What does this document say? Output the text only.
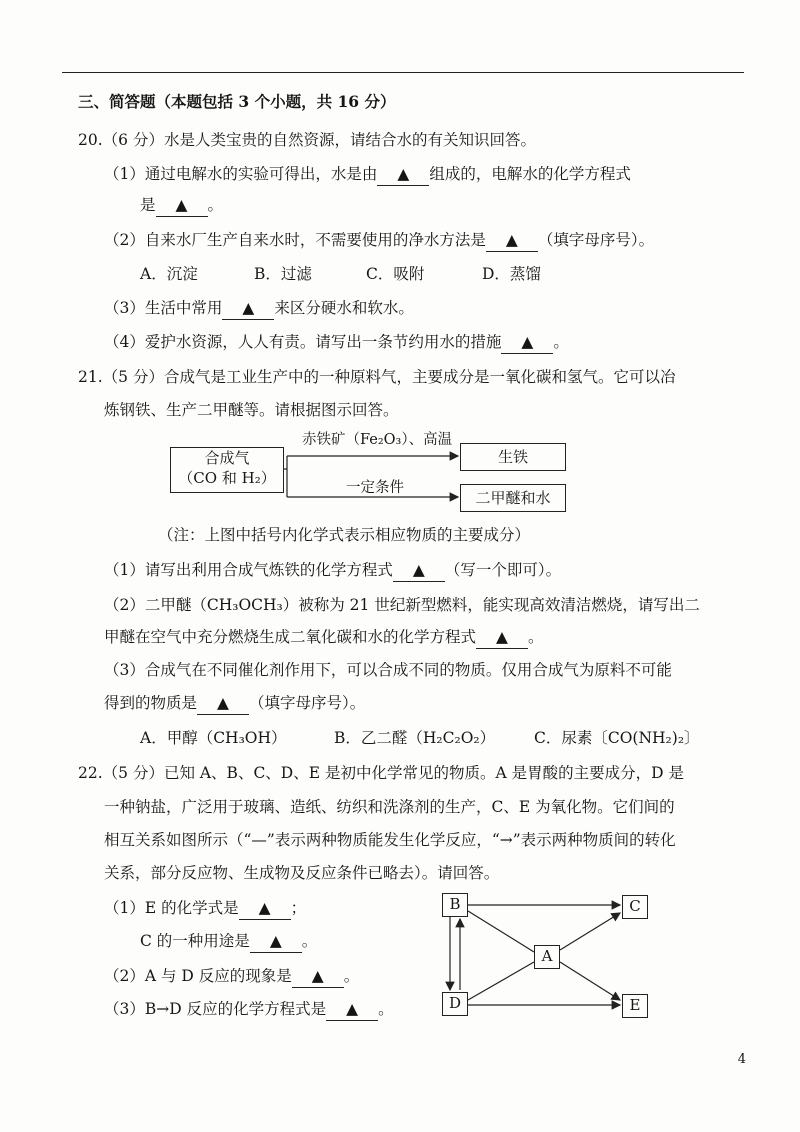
三、简答题（本题包括 3 个小题，共 16 分）
20.（6 分）水是人类宝贵的自然资源，请结合水的有关知识回答。
（1）通过电解水的实验可得出，水是由 ▲ 组成的，电解水的化学方程式
是 ▲ 。
（2）自来水厂生产自来水时，不需要使用的净水方法是 ▲ （填字母序号）。
A．沉淀	B．过滤	C．吸附	D．蒸馏
（3）生活中常用 ▲ 来区分硬水和软水。
（4）爱护水资源，人人有责。请写出一条节约用水的措施 ▲ 。
21.（5 分）合成气是工业生产中的一种原料气，主要成分是一氧化碳和氢气。它可以冶
炼钢铁、生产二甲醚等。请根据图示回答。
合成气
（CO 和 H₂）
赤铁矿（Fe₂O₃）、高温
一定条件
生铁
二甲醚和水
（注：上图中括号内化学式表示相应物质的主要成分）
（1）请写出利用合成气炼铁的化学方程式 ▲ （写一个即可）。
（2）二甲醚（CH₃OCH₃）被称为 21 世纪新型燃料，能实现高效清洁燃烧，请写出二
甲醚在空气中充分燃烧生成二氧化碳和水的化学方程式 ▲ 。
（3）合成气在不同催化剂作用下，可以合成不同的物质。仅用合成气为原料不可能
得到的物质是 ▲ （填字母序号）。
A．甲醇（CH₃OH）	B．乙二醛（H₂C₂O₂）	C．尿素〔CO(NH₂)₂〕
22.（5 分）已知 A、B、C、D、E 是初中化学常见的物质。A 是胃酸的主要成分，D 是
一种钠盐，广泛用于玻璃、造纸、纺织和洗涤剂的生产，C、E 为氧化物。它们间的
相互关系如图所示（“—”表示两种物质能发生化学反应，“→”表示两种物质间的转化
关系，部分反应物、生成物及反应条件已略去）。请回答。
（1）E 的化学式是 ▲ ；
C 的一种用途是 ▲ 。
（2）A 与 D 反应的现象是 ▲ 。
（3）B→D 反应的化学方程式是 ▲ 。
B	C
A
D	E
4
